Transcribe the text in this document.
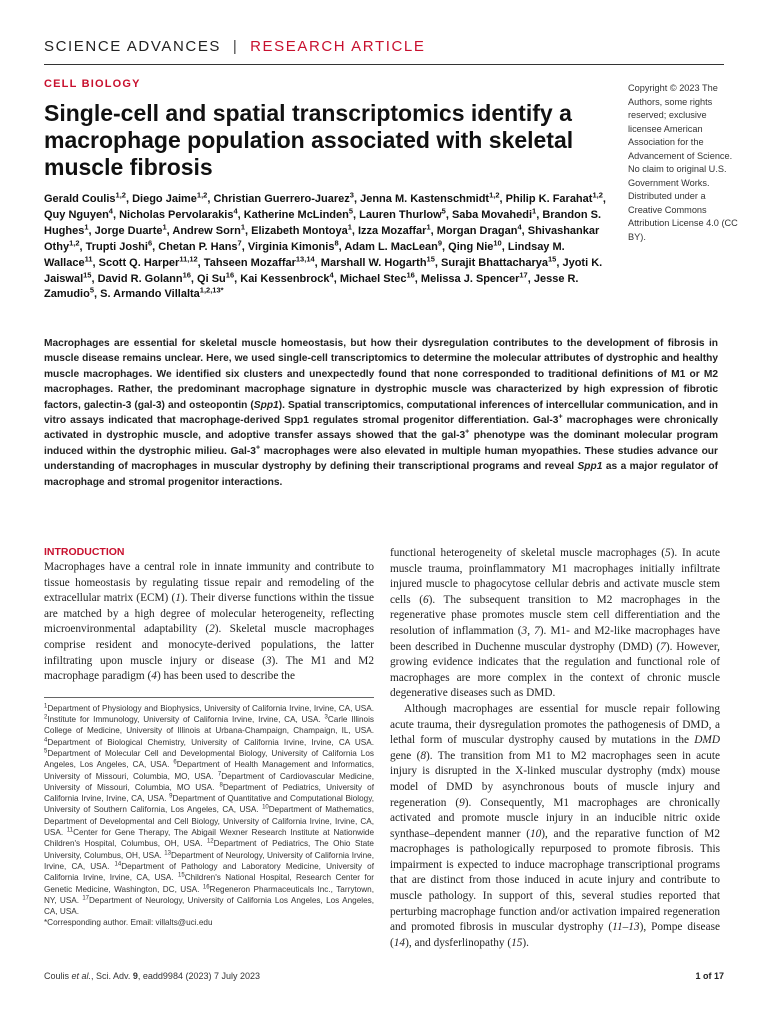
SCIENCE ADVANCES | RESEARCH ARTICLE
CELL BIOLOGY
Single-cell and spatial transcriptomics identify a macrophage population associated with skeletal muscle fibrosis
Copyright © 2023 The Authors, some rights reserved; exclusive licensee American Association for the Advancement of Science. No claim to original U.S. Government Works. Distributed under a Creative Commons Attribution License 4.0 (CC BY).

Gerald Coulis$^{1,2}$, Diego Jaime$^{1,2}$, Christian Guerrero-Juarez$^3$, Jenna M. Kastenschmidt$^{1,2}$, Philip K. Farahat$^{1,2}$, Quy Nguyen$^4$, Nicholas Pervolarakis$^4$, Katherine McLinden$^5$, Lauren Thurlow$^5$, Saba Movahedi$^1$, Brandon S. Hughes$^1$, Jorge Duarte$^1$, Andrew Sorn$^1$, Elizabeth Montoya$^1$, Izza Mozaffar$^1$, Morgan Dragan$^4$, Shivashankar Othy$^{1,2}$, Trupti Joshi$^6$, Chetan P. Hans$^7$, Virginia Kimonis$^8$, Adam L. MacLean$^9$, Qing Nie$^{10}$, Lindsay M. Wallace$^{11}$, Scott Q. Harper$^{11,12}$, Tahseen Mozaffar$^{13,14}$, Marshall W. Hogarth$^{15}$, Surajit Bhattacharya$^{15}$, Jyoti K. Jaiswal$^{15}$, David R. Golann$^{16}$, Qi Su$^{16}$, Kai Kessenbrock$^4$, Michael Stec$^{16}$, Melissa J. Spencer$^{17}$, Jesse R. Zamudio$^5$, S. Armando Villalta$^{1,2,13*}$

Macrophages are essential for skeletal muscle homeostasis, but how their dysregulation contributes to the development of fibrosis in muscle disease remains unclear. Here, we used single-cell transcriptomics to determine the molecular attributes of dystrophic and healthy muscle macrophages. We identified six clusters and unexpectedly found that none corresponded to traditional definitions of M1 or M2 macrophages. Rather, the predominant macrophage signature in dystrophic muscle was characterized by high expression of fibrotic factors, galectin-3 (gal-3) and osteopontin (Spp1). Spatial transcriptomics, computational inferences of intercellular communication, and in vitro assays indicated that macrophage-derived Spp1 regulates stromal progenitor differentiation. Gal-3+ macrophages were chronically activated in dystrophic muscle, and adoptive transfer assays showed that the gal-3+ phenotype was the dominant molecular program induced within the dystrophic milieu. Gal-3+ macrophages were also elevated in multiple human myopathies. These studies advance our understanding of macrophages in muscular dystrophy by defining their transcriptional programs and reveal Spp1 as a major regulator of macrophage and stromal progenitor interactions.

INTRODUCTION

Macrophages have a central role in innate immunity and contribute to tissue homeostasis by regulating tissue repair and remodeling of the extracellular matrix (ECM) (1). Their diverse functions within the tissue are matched by a high degree of molecular heterogeneity, reflecting microenvironmental adaptability (2). Skeletal muscle macrophages comprise resident and monocyte-derived populations, the latter infiltrating upon muscle injury or disease (3). The M1 and M2 macrophage paradigm (4) has been used to describe the

$^1$Department of Physiology and Biophysics, University of California Irvine, Irvine, CA, USA. $^2$Institute for Immunology, University of California Irvine, Irvine, CA, USA. $^3$Carle Illinois College of Medicine, University of Illinois at Urbana-Champaign, Champaign, IL, USA. $^4$Department of Biological Chemistry, University of California Irvine, Irvine, CA USA. $^5$Department of Molecular Cell and Developmental Biology, University of California Los Angeles, Los Angeles, CA, USA. $^6$Department of Health Management and Informatics, University of Missouri, Columbia, MO, USA. $^7$Department of Cardiovascular Medicine, University of Missouri, Columbia, MO USA. $^8$Department of Pediatrics, University of California Irvine, Irvine, CA, USA. $^9$Department of Quantitative and Computational Biology, University of Southern California, Los Angeles, CA, USA. $^{10}$Department of Mathematics, Department of Developmental and Cell Biology, University of California Irvine, Irvine, CA, USA. $^{11}$Center for Gene Therapy, The Abigail Wexner Research Institute at Nationwide Children's Hospital, Columbus, OH, USA. $^{12}$Department of Pediatrics, The Ohio State University, Columbus, OH, USA. $^{13}$Department of Neurology, University of California Irvine, Irvine, CA, USA. $^{14}$Department of Pathology and Laboratory Medicine, University of California Irvine, Irvine, CA, USA. $^{15}$Children's National Hospital, Research Center for Genetic Medicine, Washington, DC, USA. $^{16}$Regeneron Pharmaceuticals Inc., Tarrytown, NY, USA. $^{17}$Department of Neurology, University of California Los Angeles, Los Angeles, CA, USA.

*Corresponding author. Email: villalts@uci.edu

functional heterogeneity of skeletal muscle macrophages (5). In acute muscle trauma, proinflammatory M1 macrophages initially infiltrate injured muscle to phagocytose cellular debris and activate muscle stem cells (6). The subsequent transition to M2 macrophages in the regenerative phase promotes muscle stem cell differentiation and the resolution of inflammation (3, 7). M1- and M2-like macrophages have been described in Duchenne muscular dystrophy (DMD) (7). However, growing evidence indicates that the regulation and functional role of macrophages are more complex in the context of chronic muscle degenerative diseases such as DMD.

Although macrophages are essential for muscle repair following acute trauma, their dysregulation promotes the pathogenesis of DMD, a lethal form of muscular dystrophy caused by mutations in the DMD gene (8). The transition from M1 to M2 macrophages seen in acute injury is disrupted in the X-linked muscular dystrophy (mdx) mouse model of DMD by asynchronous bouts of muscle injury and regeneration (9). Consequently, M1 macrophages are chronically activated and promote muscle injury in an inducible nitric oxide synthase–dependent manner (10), and the reparative function of M2 macrophages is pathologically repurposed to promote fibrosis. This impairment is expected to induce macrophage transcriptional programs that are distinct from those induced in acute injury and contribute to muscle pathology. In support of this, several studies reported that perturbing macrophage function and/or activation impaired regeneration and promoted fibrosis in muscular dystrophy (11–13), Pompe disease (14), and dysferlinopathy (15).

Coulis et al., Sci. Adv. 9, eadd9984 (2023) 7 July 2023	1 of 17
